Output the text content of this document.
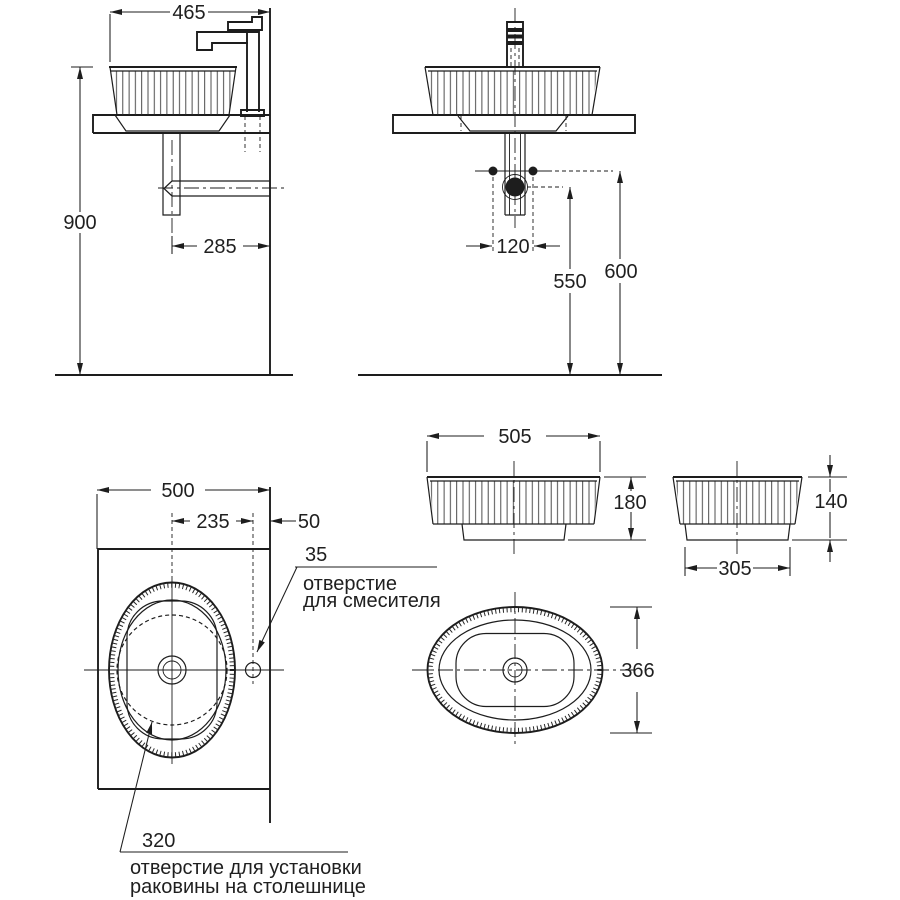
465
900
285	120
550 600
505
180	140
305
366
500
235	50
35
отверстие
для смесителя
320
отверстие для установки
раковины на столешнице
